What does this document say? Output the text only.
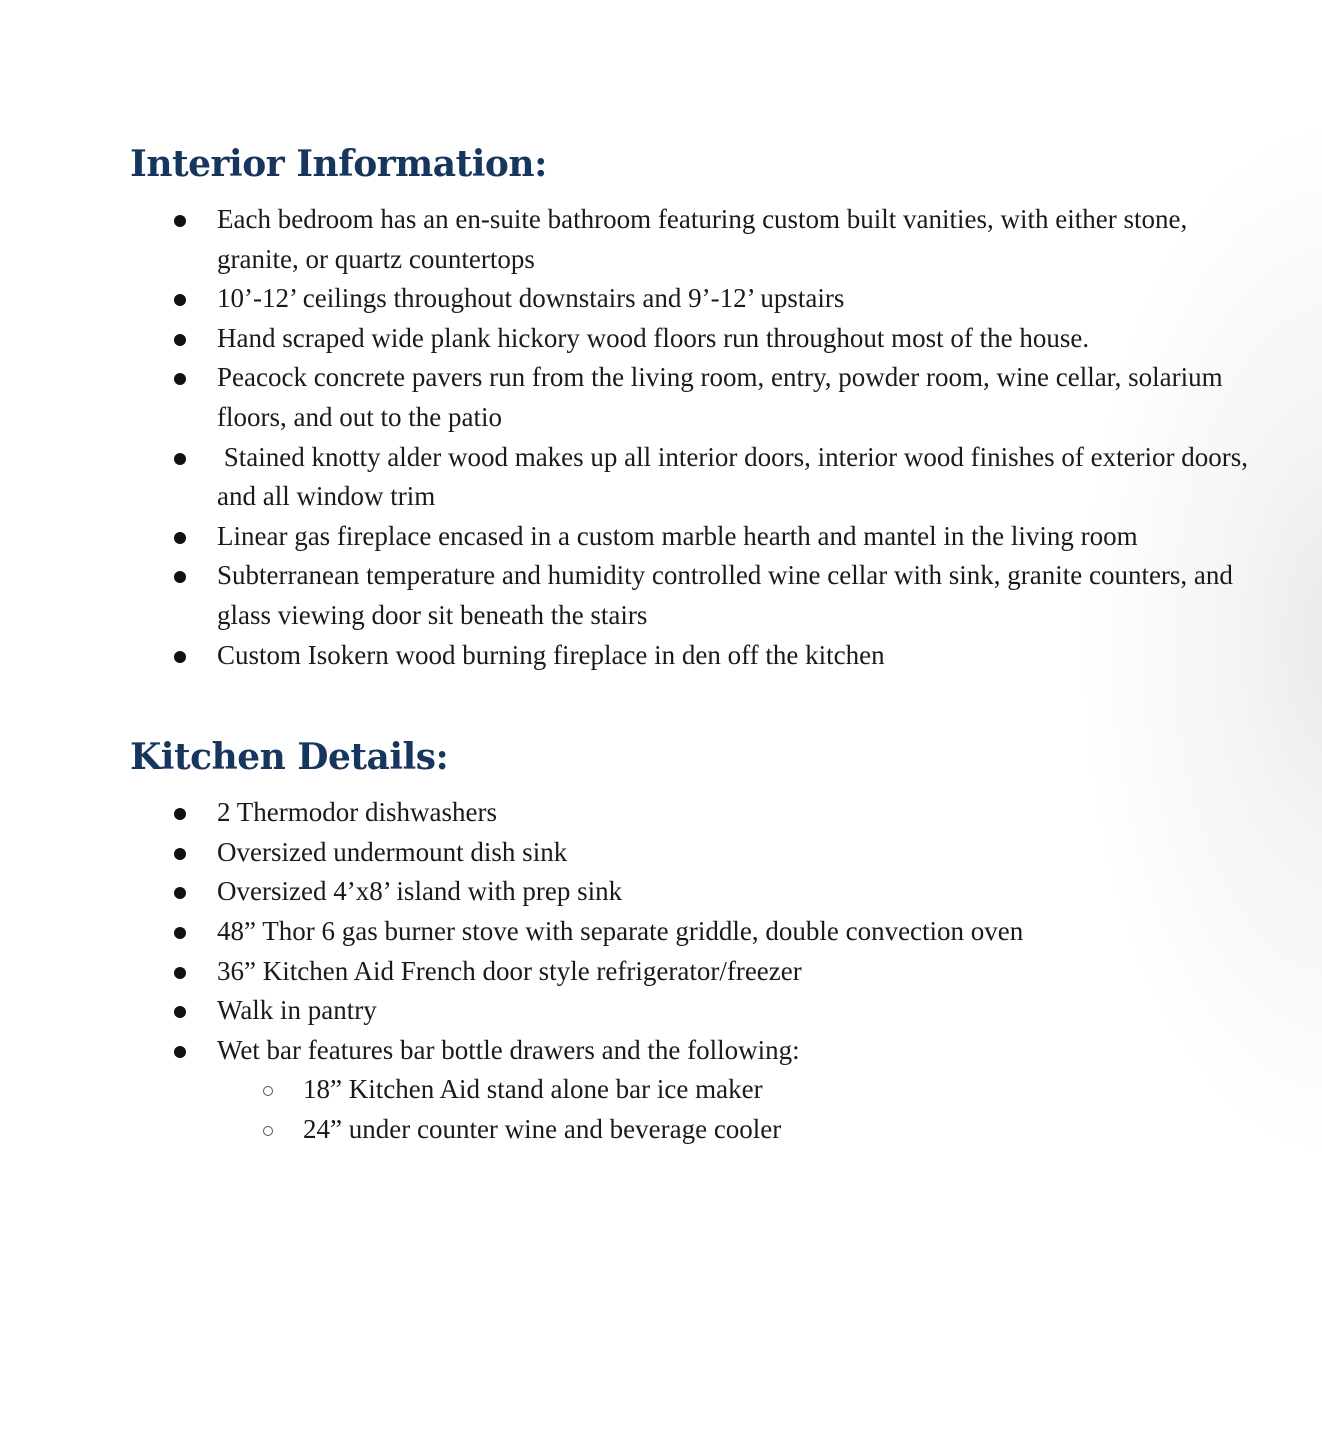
Interior Information:
Each bedroom has an en-suite bathroom featuring custom built vanities, with either stone, granite, or quartz countertops
10’-12’ ceilings throughout downstairs and 9’-12’ upstairs
Hand scraped wide plank hickory wood floors run throughout most of the house.
Peacock concrete pavers run from the living room, entry, powder room, wine cellar, solarium floors, and out to the patio
Stained knotty alder wood makes up all interior doors, interior wood finishes of exterior doors, and all window trim
Linear gas fireplace encased in a custom marble hearth and mantel in the living room
Subterranean temperature and humidity controlled wine cellar with sink, granite counters, and glass viewing door sit beneath the stairs
Custom Isokern wood burning fireplace in den off the kitchen
Kitchen Details:
2 Thermodor dishwashers
Oversized undermount dish sink
Oversized 4’x8’ island with prep sink
48” Thor 6 gas burner stove with separate griddle, double convection oven
36” Kitchen Aid French door style refrigerator/freezer
Walk in pantry
Wet bar features bar bottle drawers and the following:
18” Kitchen Aid stand alone bar ice maker
24” under counter wine and beverage cooler
